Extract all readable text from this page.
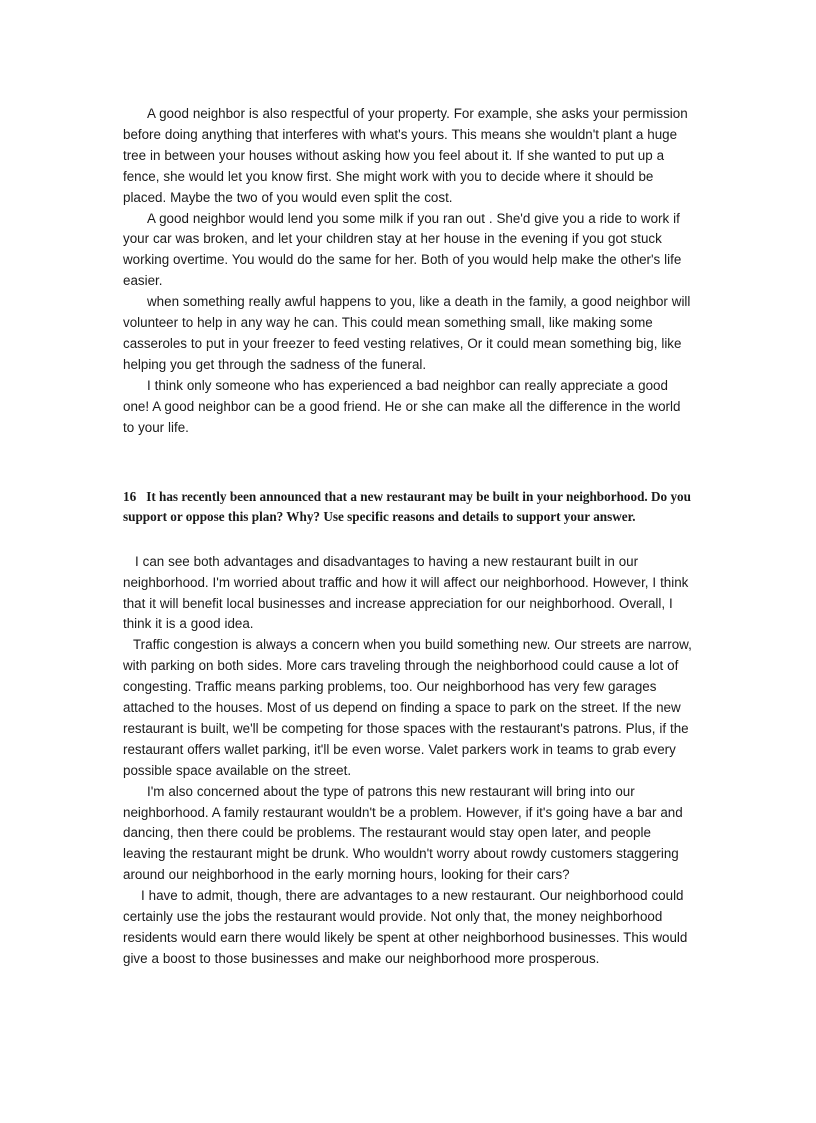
A good neighbor is also respectful of your property. For example, she asks your permission before doing anything that interferes with what's yours. This means she wouldn't plant a huge tree in between your houses without asking how you feel about it. If she wanted to put up a fence, she would let you know first. She might work with you to decide where it should be placed. Maybe the two of you would even split the cost.

A good neighbor would lend you some milk if you ran out . She'd give you a ride to work if your car was broken, and let your children stay at her house in the evening if you got stuck working overtime. You would do the same for her. Both of you would help make the other's life easier.

when something really awful happens to you, like a death in the family, a good neighbor will volunteer to help in any way he can. This could mean something small, like making some casseroles to put in your freezer to feed vesting relatives, Or it could mean something big, like helping you get through the sadness of the funeral.

I think only someone who has experienced a bad neighbor can really appreciate a good one! A good neighbor can be a good friend. He or she can make all the difference in the world to your life.

16 It has recently been announced that a new restaurant may be built in your neighborhood. Do you support or oppose this plan? Why? Use specific reasons and details to support your answer.

I can see both advantages and disadvantages to having a new restaurant built in our neighborhood. I'm worried about traffic and how it will affect our neighborhood. However, I think that it will benefit local businesses and increase appreciation for our neighborhood. Overall, I think it is a good idea.

Traffic congestion is always a concern when you build something new. Our streets are narrow, with parking on both sides. More cars traveling through the neighborhood could cause a lot of congesting. Traffic means parking problems, too. Our neighborhood has very few garages attached to the houses. Most of us depend on finding a space to park on the street. If the new restaurant is built, we'll be competing for those spaces with the restaurant's patrons. Plus, if the restaurant offers wallet parking, it'll be even worse. Valet parkers work in teams to grab every possible space available on the street.

I'm also concerned about the type of patrons this new restaurant will bring into our neighborhood. A family restaurant wouldn't be a problem. However, if it's going have a bar and dancing, then there could be problems. The restaurant would stay open later, and people leaving the restaurant might be drunk. Who wouldn't worry about rowdy customers staggering around our neighborhood in the early morning hours, looking for their cars?

I have to admit, though, there are advantages to a new restaurant. Our neighborhood could certainly use the jobs the restaurant would provide. Not only that, the money neighborhood residents would earn there would likely be spent at other neighborhood businesses. This would give a boost to those businesses and make our neighborhood more prosperous.
